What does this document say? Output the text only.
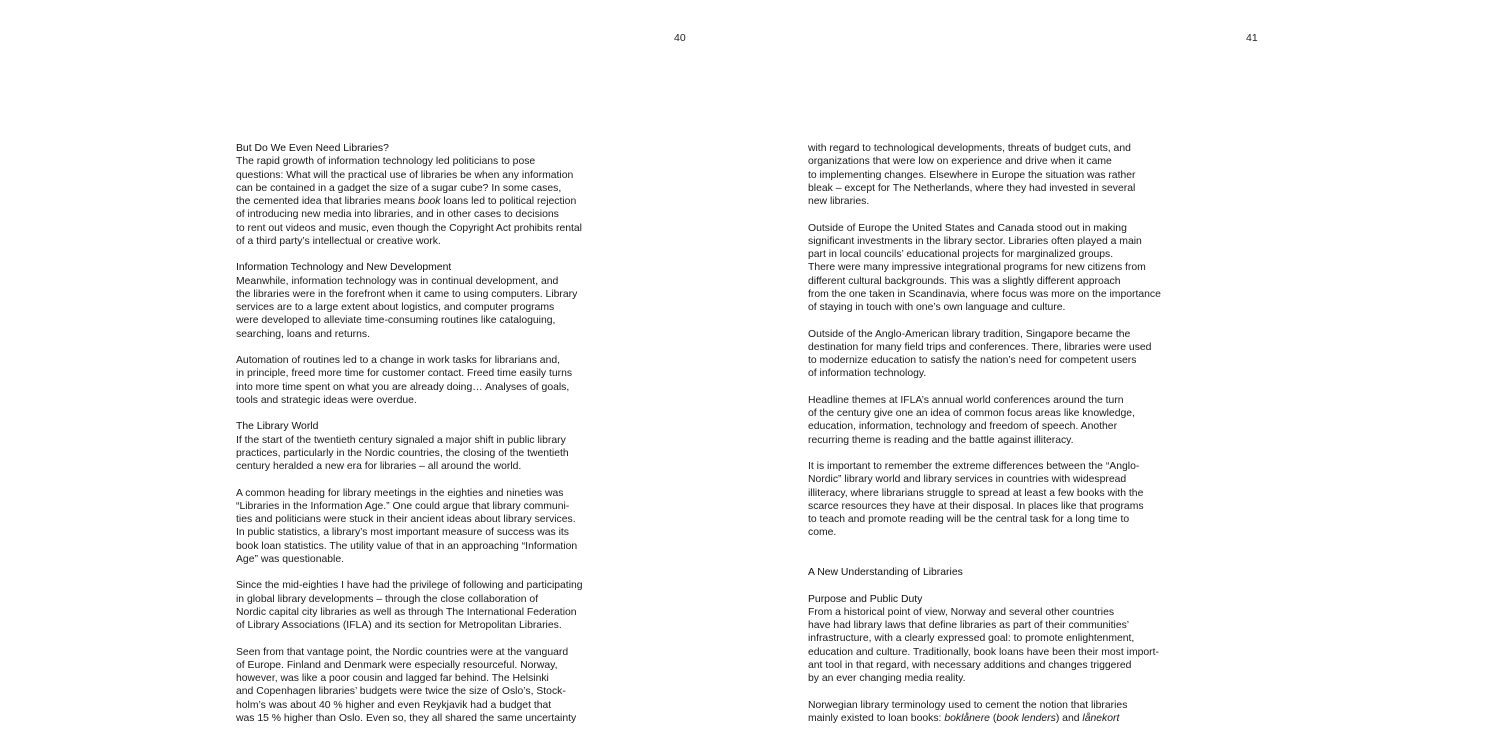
40	41

But Do We Even Need Libraries?
The rapid growth of information technology led politicians to pose
questions: What will the practical use of libraries be when any information
can be contained in a gadget the size of a sugar cube? In some cases,
the cemented idea that libraries means book loans led to political rejection
of introducing new media into libraries, and in other cases to decisions
to rent out videos and music, even though the Copyright Act prohibits rental
of a third party’s intellectual or creative work.

Information Technology and New Development
Meanwhile, information technology was in continual development, and
the libraries were in the forefront when it came to using computers. Library
services are to a large extent about logistics, and computer programs
were developed to alleviate time-consuming routines like cataloguing,
searching, loans and returns.

Automation of routines led to a change in work tasks for librarians and,
in principle, freed more time for customer contact. Freed time easily turns
into more time spent on what you are already doing… Analyses of goals,
tools and strategic ideas were overdue.

The Library World
If the start of the twentieth century signaled a major shift in public library
practices, particularly in the Nordic countries, the closing of the twentieth
century heralded a new era for libraries – all around the world.

A common heading for library meetings in the eighties and nineties was
“Libraries in the Information Age.” One could argue that library communi-
ties and politicians were stuck in their ancient ideas about library services.
In public statistics, a library’s most important measure of success was its
book loan statistics. The utility value of that in an approaching “Information
Age” was questionable.

Since the mid-eighties I have had the privilege of following and participating
in global library developments – through the close collaboration of
Nordic capital city libraries as well as through The International Federation
of Library Associations (IFLA) and its section for Metropolitan Libraries.

Seen from that vantage point, the Nordic countries were at the vanguard
of Europe. Finland and Denmark were especially resourceful. Norway,
however, was like a poor cousin and lagged far behind. The Helsinki
and Copenhagen libraries’ budgets were twice the size of Oslo’s, Stock-
holm’s was about 40 % higher and even Reykjavik had a budget that
was 15 % higher than Oslo. Even so, they all shared the same uncertainty

with regard to technological developments, threats of budget cuts, and
organizations that were low on experience and drive when it came
to implementing changes. Elsewhere in Europe the situation was rather
bleak – except for The Netherlands, where they had invested in several
new libraries.

Outside of Europe the United States and Canada stood out in making
significant investments in the library sector. Libraries often played a main
part in local councils’ educational projects for marginalized groups.
There were many impressive integrational programs for new citizens from
different cultural backgrounds. This was a slightly different approach
from the one taken in Scandinavia, where focus was more on the importance
of staying in touch with one’s own language and culture.

Outside of the Anglo-American library tradition, Singapore became the
destination for many field trips and conferences. There, libraries were used
to modernize education to satisfy the nation’s need for competent users
of information technology.

Headline themes at IFLA’s annual world conferences around the turn
of the century give one an idea of common focus areas like knowledge,
education, information, technology and freedom of speech. Another
recurring theme is reading and the battle against illiteracy.

It is important to remember the extreme differences between the “Anglo-
Nordic” library world and library services in countries with widespread
illiteracy, where librarians struggle to spread at least a few books with the
scarce resources they have at their disposal. In places like that programs
to teach and promote reading will be the central task for a long time to
come.

A New Understanding of Libraries

Purpose and Public Duty
From a historical point of view, Norway and several other countries
have had library laws that define libraries as part of their communities’
infrastructure, with a clearly expressed goal: to promote enlightenment,
education and culture. Traditionally, book loans have been their most import-
ant tool in that regard, with necessary additions and changes triggered
by an ever changing media reality.

Norwegian library terminology used to cement the notion that libraries
mainly existed to loan books: boklånere (book lenders) and lånekort
